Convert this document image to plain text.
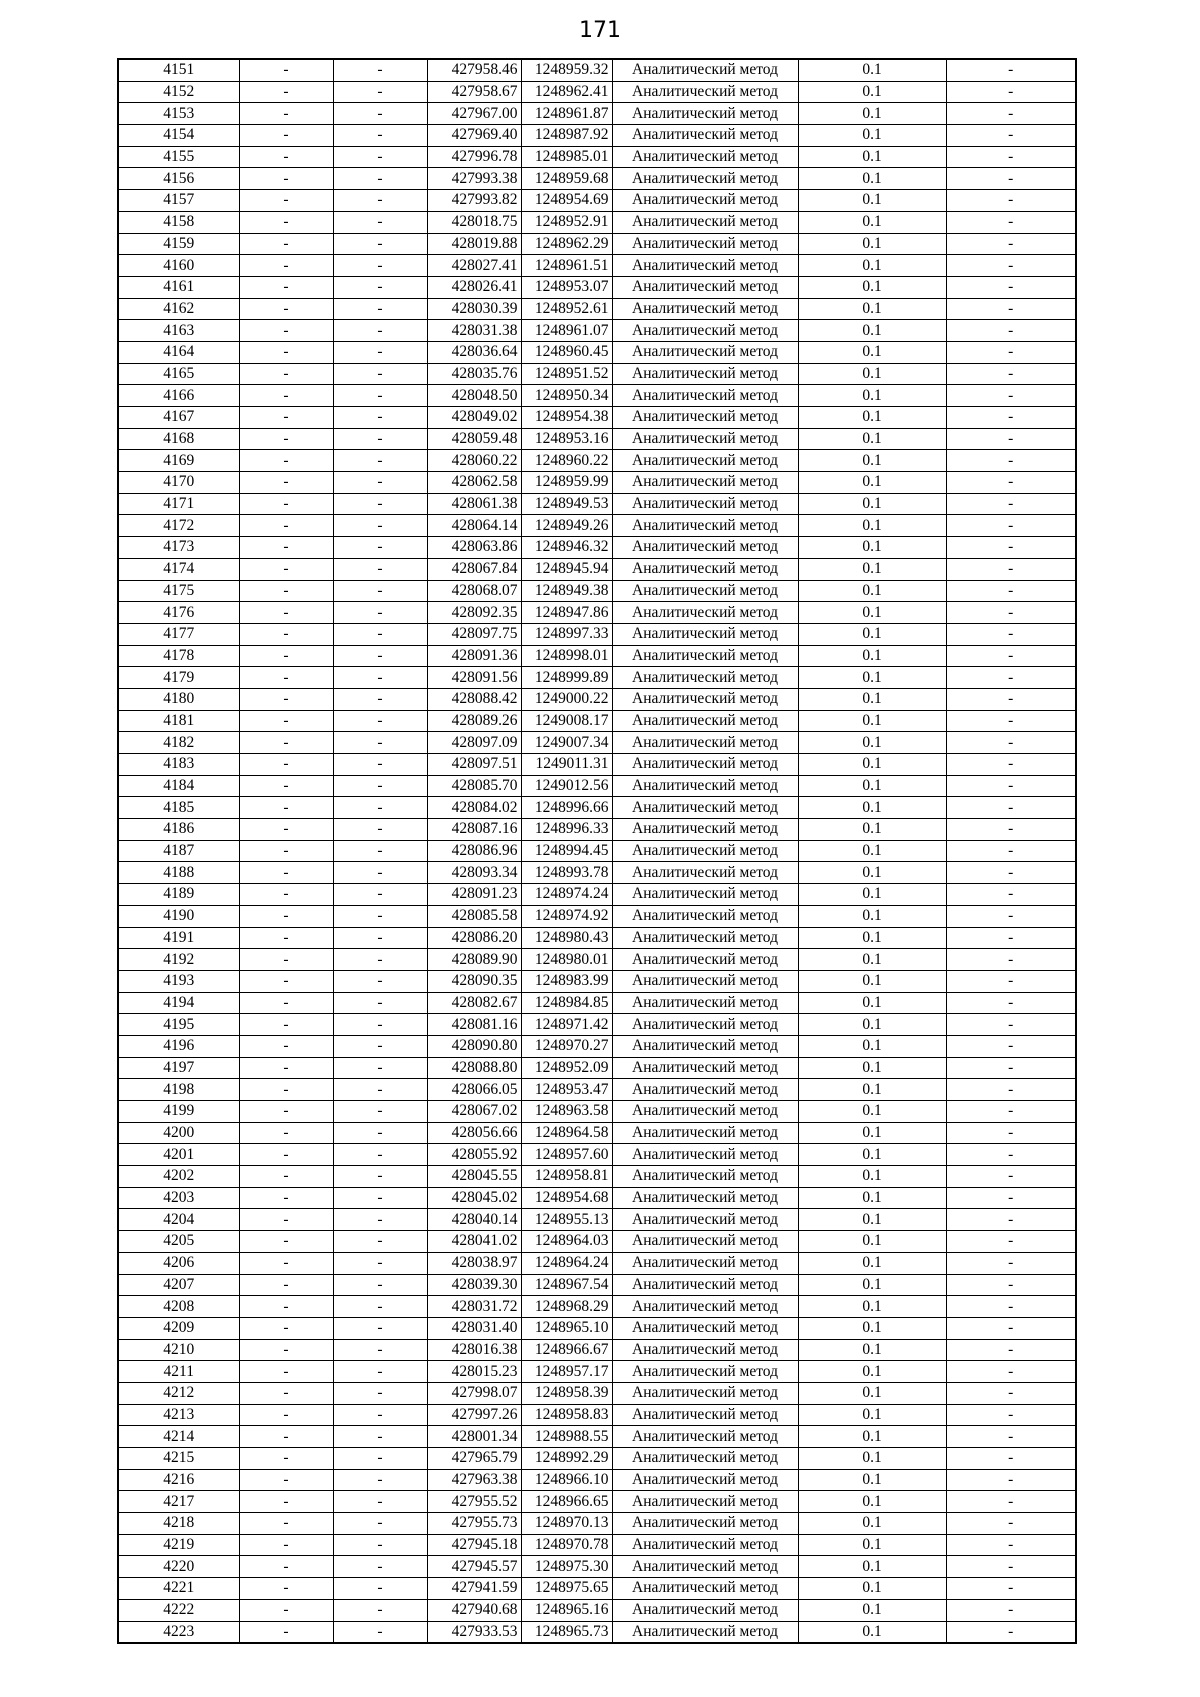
171
4151	-	-	427958.46	1248959.32	Аналитический метод	0.1	-
4152	-	-	427958.67	1248962.41	Аналитический метод	0.1	-
4153	-	-	427967.00	1248961.87	Аналитический метод	0.1	-
4154	-	-	427969.40	1248987.92	Аналитический метод	0.1	-
4155	-	-	427996.78	1248985.01	Аналитический метод	0.1	-
4156	-	-	427993.38	1248959.68	Аналитический метод	0.1	-
4157	-	-	427993.82	1248954.69	Аналитический метод	0.1	-
4158	-	-	428018.75	1248952.91	Аналитический метод	0.1	-
4159	-	-	428019.88	1248962.29	Аналитический метод	0.1	-
4160	-	-	428027.41	1248961.51	Аналитический метод	0.1	-
4161	-	-	428026.41	1248953.07	Аналитический метод	0.1	-
4162	-	-	428030.39	1248952.61	Аналитический метод	0.1	-
4163	-	-	428031.38	1248961.07	Аналитический метод	0.1	-
4164	-	-	428036.64	1248960.45	Аналитический метод	0.1	-
4165	-	-	428035.76	1248951.52	Аналитический метод	0.1	-
4166	-	-	428048.50	1248950.34	Аналитический метод	0.1	-
4167	-	-	428049.02	1248954.38	Аналитический метод	0.1	-
4168	-	-	428059.48	1248953.16	Аналитический метод	0.1	-
4169	-	-	428060.22	1248960.22	Аналитический метод	0.1	-
4170	-	-	428062.58	1248959.99	Аналитический метод	0.1	-
4171	-	-	428061.38	1248949.53	Аналитический метод	0.1	-
4172	-	-	428064.14	1248949.26	Аналитический метод	0.1	-
4173	-	-	428063.86	1248946.32	Аналитический метод	0.1	-
4174	-	-	428067.84	1248945.94	Аналитический метод	0.1	-
4175	-	-	428068.07	1248949.38	Аналитический метод	0.1	-
4176	-	-	428092.35	1248947.86	Аналитический метод	0.1	-
4177	-	-	428097.75	1248997.33	Аналитический метод	0.1	-
4178	-	-	428091.36	1248998.01	Аналитический метод	0.1	-
4179	-	-	428091.56	1248999.89	Аналитический метод	0.1	-
4180	-	-	428088.42	1249000.22	Аналитический метод	0.1	-
4181	-	-	428089.26	1249008.17	Аналитический метод	0.1	-
4182	-	-	428097.09	1249007.34	Аналитический метод	0.1	-
4183	-	-	428097.51	1249011.31	Аналитический метод	0.1	-
4184	-	-	428085.70	1249012.56	Аналитический метод	0.1	-
4185	-	-	428084.02	1248996.66	Аналитический метод	0.1	-
4186	-	-	428087.16	1248996.33	Аналитический метод	0.1	-
4187	-	-	428086.96	1248994.45	Аналитический метод	0.1	-
4188	-	-	428093.34	1248993.78	Аналитический метод	0.1	-
4189	-	-	428091.23	1248974.24	Аналитический метод	0.1	-
4190	-	-	428085.58	1248974.92	Аналитический метод	0.1	-
4191	-	-	428086.20	1248980.43	Аналитический метод	0.1	-
4192	-	-	428089.90	1248980.01	Аналитический метод	0.1	-
4193	-	-	428090.35	1248983.99	Аналитический метод	0.1	-
4194	-	-	428082.67	1248984.85	Аналитический метод	0.1	-
4195	-	-	428081.16	1248971.42	Аналитический метод	0.1	-
4196	-	-	428090.80	1248970.27	Аналитический метод	0.1	-
4197	-	-	428088.80	1248952.09	Аналитический метод	0.1	-
4198	-	-	428066.05	1248953.47	Аналитический метод	0.1	-
4199	-	-	428067.02	1248963.58	Аналитический метод	0.1	-
4200	-	-	428056.66	1248964.58	Аналитический метод	0.1	-
4201	-	-	428055.92	1248957.60	Аналитический метод	0.1	-
4202	-	-	428045.55	1248958.81	Аналитический метод	0.1	-
4203	-	-	428045.02	1248954.68	Аналитический метод	0.1	-
4204	-	-	428040.14	1248955.13	Аналитический метод	0.1	-
4205	-	-	428041.02	1248964.03	Аналитический метод	0.1	-
4206	-	-	428038.97	1248964.24	Аналитический метод	0.1	-
4207	-	-	428039.30	1248967.54	Аналитический метод	0.1	-
4208	-	-	428031.72	1248968.29	Аналитический метод	0.1	-
4209	-	-	428031.40	1248965.10	Аналитический метод	0.1	-
4210	-	-	428016.38	1248966.67	Аналитический метод	0.1	-
4211	-	-	428015.23	1248957.17	Аналитический метод	0.1	-
4212	-	-	427998.07	1248958.39	Аналитический метод	0.1	-
4213	-	-	427997.26	1248958.83	Аналитический метод	0.1	-
4214	-	-	428001.34	1248988.55	Аналитический метод	0.1	-
4215	-	-	427965.79	1248992.29	Аналитический метод	0.1	-
4216	-	-	427963.38	1248966.10	Аналитический метод	0.1	-
4217	-	-	427955.52	1248966.65	Аналитический метод	0.1	-
4218	-	-	427955.73	1248970.13	Аналитический метод	0.1	-
4219	-	-	427945.18	1248970.78	Аналитический метод	0.1	-
4220	-	-	427945.57	1248975.30	Аналитический метод	0.1	-
4221	-	-	427941.59	1248975.65	Аналитический метод	0.1	-
4222	-	-	427940.68	1248965.16	Аналитический метод	0.1	-
4223	-	-	427933.53	1248965.73	Аналитический метод	0.1	-
